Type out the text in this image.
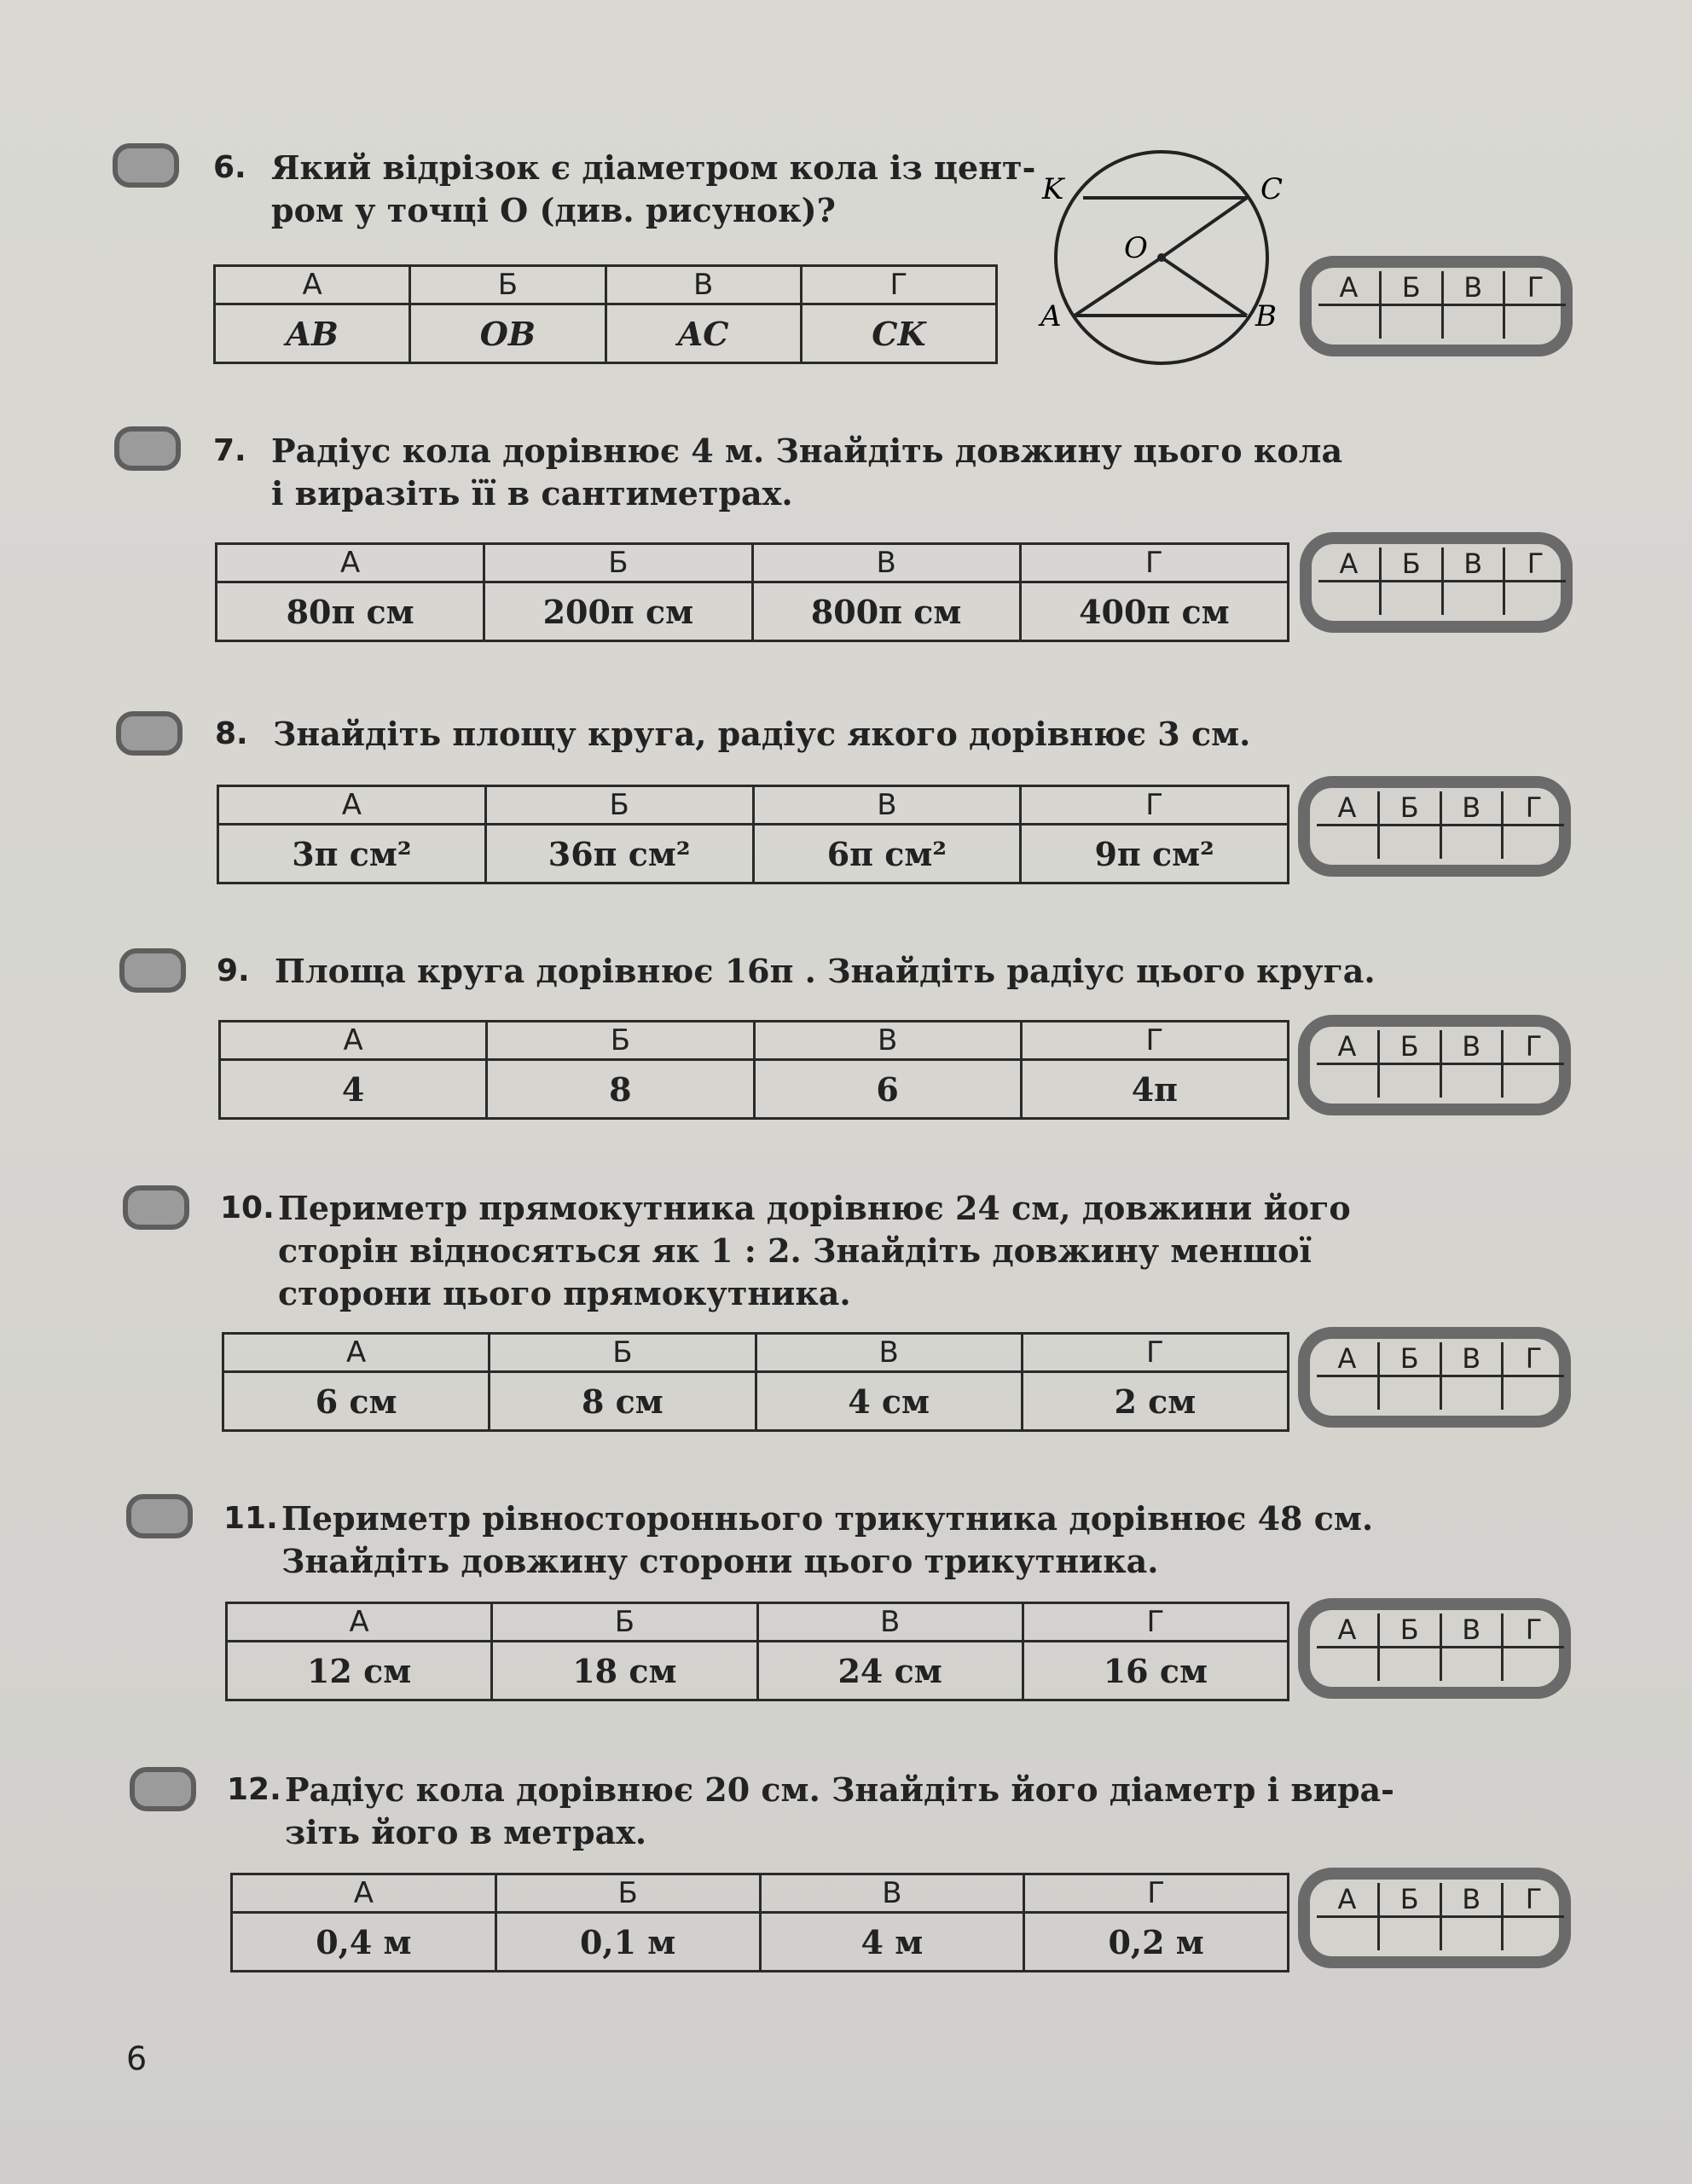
6. Який відрізок є діаметром кола із цент-
ром у точці O (див. рисунок)?
А	Б	В	Г
AB	OB	AC	CK
А	Б	В	Г

K	C
O
A	B
7. Радіус кола дорівнює 4 м. Знайдіть довжину цього кола
і виразіть її в сантиметрах.
А	Б	В	Г
80π см	200π см	800π см	400π см
А	Б	В	Г

8. Знайдіть площу круга, радіус якого дорівнює 3 см.
А	Б	В	Г
3π см²	36π см²	6π см²	9π см²
А	Б	В	Г

9. Площа круга дорівнює 16π . Знайдіть радіус цього круга.
А	Б	В	Г
4	8	6	4π
А	Б	В	Г

10. Периметр прямокутника дорівнює 24 см, довжини його
сторін відносяться як 1 : 2. Знайдіть довжину меншої
сторони цього прямокутника.
А	Б	В	Г
6 см	8 см	4 см	2 см
А	Б	В	Г

11. Периметр рівностороннього трикутника дорівнює 48 см.
Знайдіть довжину сторони цього трикутника.
А	Б	В	Г
12 см	18 см	24 см	16 см
А	Б	В	Г

12. Радіус кола дорівнює 20 см. Знайдіть його діаметр і вира-
зіть його в метрах.
А	Б	В	Г
0,4 м	0,1 м	4 м	0,2 м
А	Б	В	Г

6
